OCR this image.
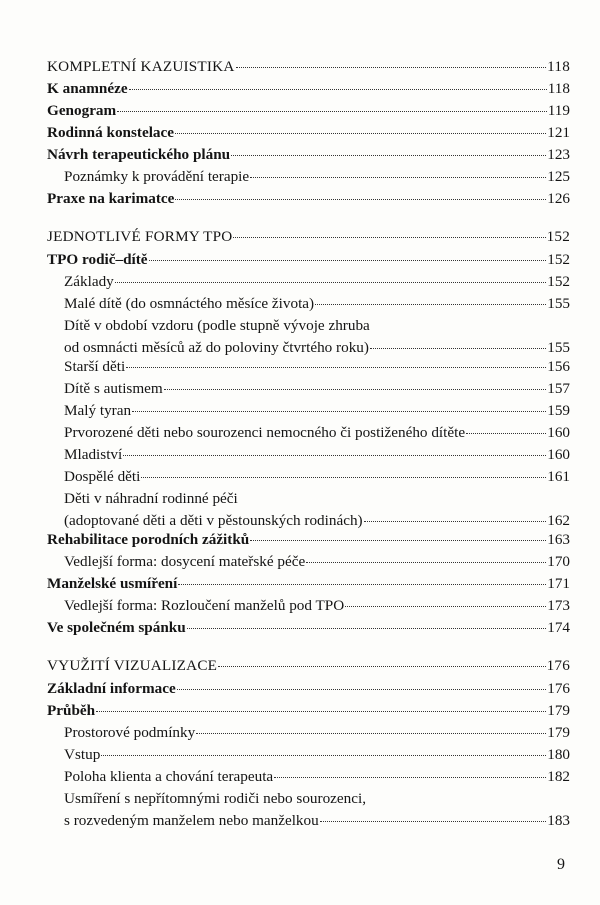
KOMPLETNÍ KAZUISTIKA	118
K anamnéze	118
Genogram	119
Rodinná konstelace	121
Návrh terapeutického plánu	123
Poznámky k provádění terapie	125
Praxe na karimatce	126
JEDNOTLIVÉ FORMY TPO	152
TPO rodič–dítě	152
Základy	152
Malé dítě (do osmnáctého měsíce života)	155
Dítě v období vzdoru (podle stupně vývoje zhruba
od osmnácti měsíců až do poloviny čtvrtého roku)	155
Starší děti	156
Dítě s autismem	157
Malý tyran	159
Prvorozené děti nebo sourozenci nemocného či postiženého dítěte	160
Mladiství	160
Dospělé děti	161
Děti v náhradní rodinné péči
(adoptované děti a děti v pěstounských rodinách)	162
Rehabilitace porodních zážitků	163
Vedlejší forma: dosycení mateřské péče	170
Manželské usmíření	171
Vedlejší forma: Rozloučení manželů pod TPO	173
Ve společném spánku	174
VYUŽITÍ VIZUALIZACE	176
Základní informace	176
Průběh	179
Prostorové podmínky	179
Vstup	180
Poloha klienta a chování terapeuta	182
Usmíření s nepřítomnými rodiči nebo sourozenci,
s rozvedeným manželem nebo manželkou	183
9
